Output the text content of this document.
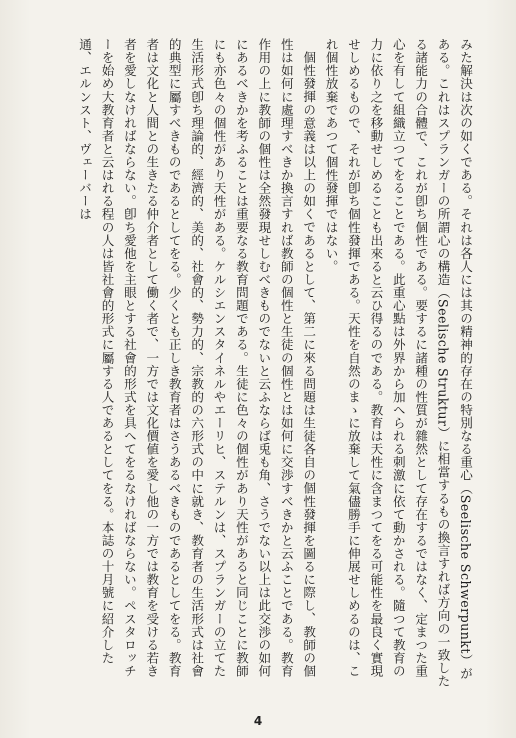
みた解決は次の如くである。それは各人には其の精神的存在の特別なる重心（Seelische Schwerpunkt）がある。これはスプランガーの所謂心の構造（Seelische Struktur）に相當するもの換言すれば方向の一致したる諸能力の合體で、これが卽ち個性である。要するに諸種の性質が雜然として存在するではなく、定まつた重心を有して組織立つてをることである。此重心點は外界から加へられる刺激に依て動かされる。隨つて教育の力に依り之を移動せしめることも出來ると云ひ得るのである。教育は天性に含まつてをる可能性を最良く實現せしめるもので、それが卽ち個性發揮である。天性を自然のまゝに放棄して氣儘勝手に伸展せしめるのは、これ個性放棄であつて個性發揮ではない。

個性發揮の意義は以上の如くであるとして、第二に來る問題は生徒各自の個性發揮を圖るに際し、教師の個性は如何に處理すべきか換言すれば教師の個性と生徒の個性とは如何に交渉すべきかと云ふことである。教育作用の上に教師の個性は全然發現せしむべきものでないと云ふならば兎も角、さうでない以上は此交渉の如何にあるべきかを考ふることは重要なる教育問題である。生徒に色々の個性があり天性があると同じことに教師にも亦色々の個性があり天性がある。ケルシエンスタイネルやエーリヒ、ステルンは、スプランガーの立てた生活形式卽ち理論的、經濟的、美的、社會的、勢力的、宗教的の六形式の中に就き、教育者の生活形式は社會的典型に屬すべきものであるとしてをる。少くとも正しき教育者はさうあるべきものであるとしてをる。教育者は文化と人間との生きたる仲介者として働く者で、一方では文化價値を愛し他の一方では教育を受ける若き者を愛しなければならない。卽ち愛他を主眼とする社會的形式を具へてをるなければならない。ペスタロッチーを始め大教育者と云はれる程の人は皆社會的形式に屬する人であるとしてをる。本誌の十月號に紹介した通、エルンスト、ヴェーバーは

4
